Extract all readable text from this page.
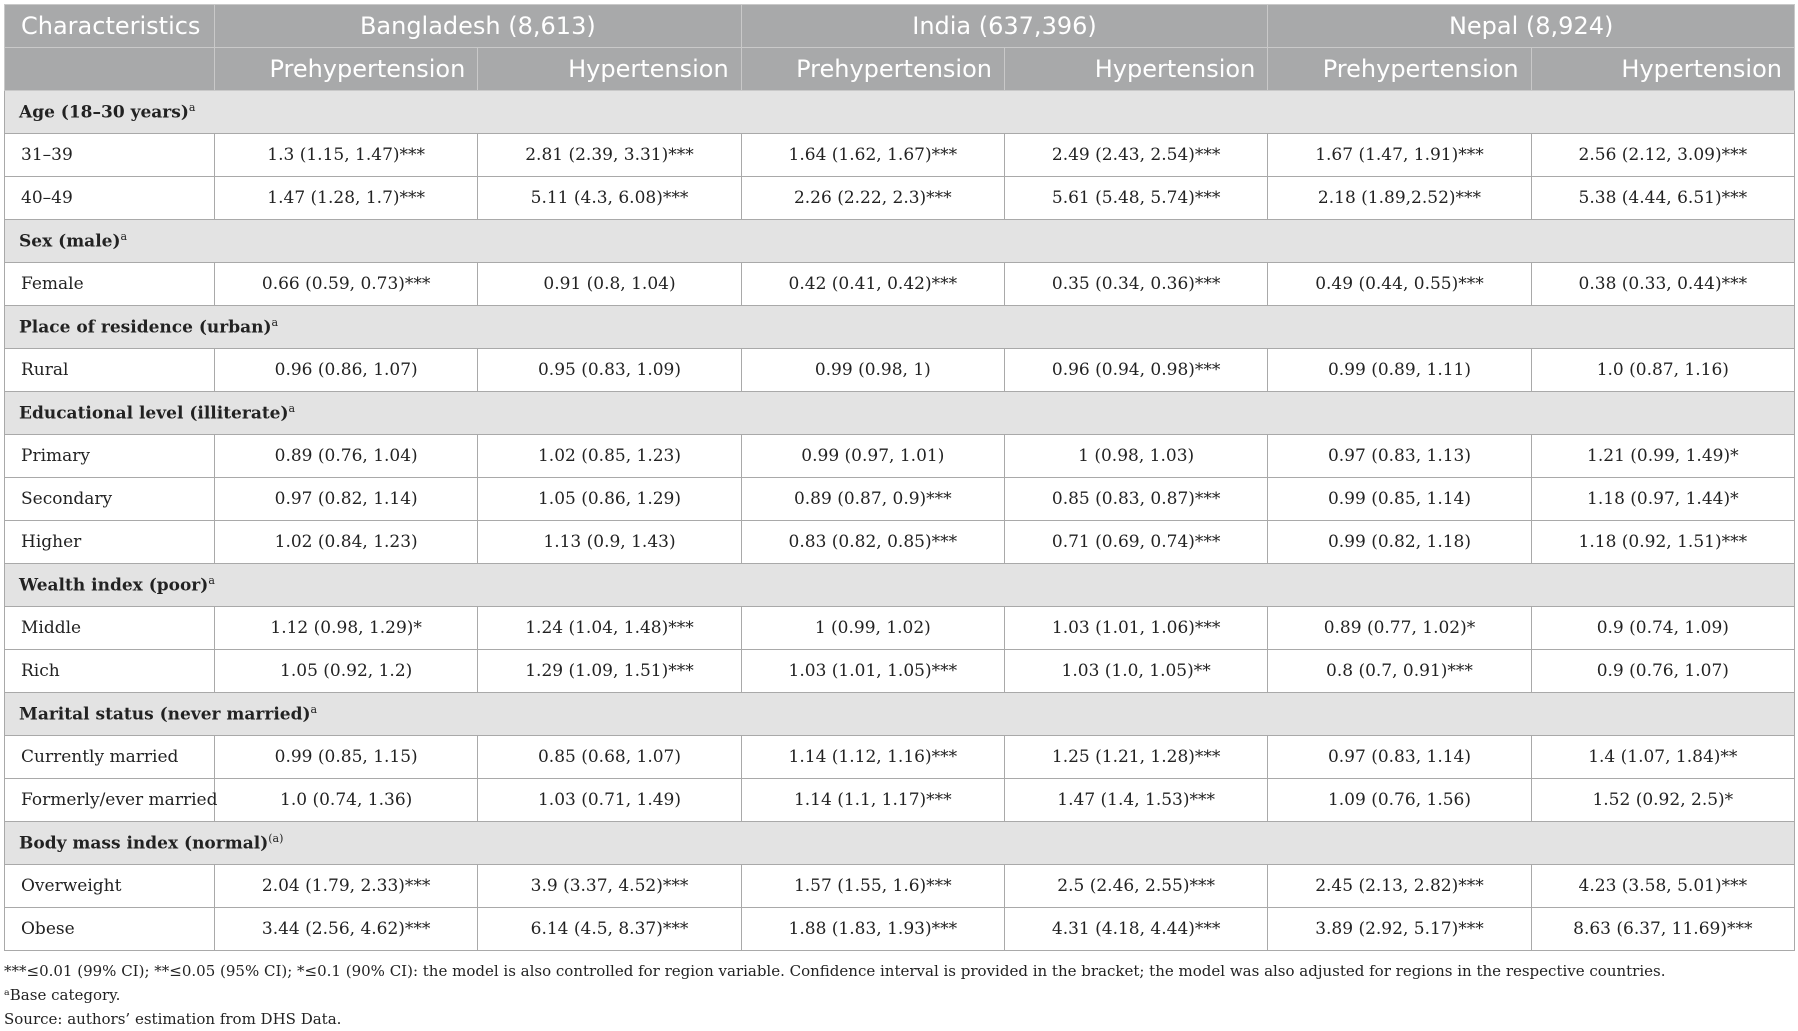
Characteristics	Bangladesh (8,613)		India (637,396)		Nepal (8,924)	
	Prehypertension	Hypertension	Prehypertension	Hypertension	Prehypertension	Hypertension
Age (18–30 years)$^a$
31–39	1.3 (1.15, 1.47)***	2.81 (2.39, 3.31)***	1.64 (1.62, 1.67)***	2.49 (2.43, 2.54)***	1.67 (1.47, 1.91)***	2.56 (2.12, 3.09)***
40–49	1.47 (1.28, 1.7)***	5.11 (4.3, 6.08)***	2.26 (2.22, 2.3)***	5.61 (5.48, 5.74)***	2.18 (1.89,2.52)***	5.38 (4.44, 6.51)***
Sex (male)$^a$
Female	0.66 (0.59, 0.73)***	0.91 (0.8, 1.04)	0.42 (0.41, 0.42)***	0.35 (0.34, 0.36)***	0.49 (0.44, 0.55)***	0.38 (0.33, 0.44)***
Place of residence (urban)$^a$
Rural	0.96 (0.86, 1.07)	0.95 (0.83, 1.09)	0.99 (0.98, 1)	0.96 (0.94, 0.98)***	0.99 (0.89, 1.11)	1.0 (0.87, 1.16)
Educational level (illiterate)$^a$
Primary	0.89 (0.76, 1.04)	1.02 (0.85, 1.23)	0.99 (0.97, 1.01)	1 (0.98, 1.03)	0.97 (0.83, 1.13)	1.21 (0.99, 1.49)*
Secondary	0.97 (0.82, 1.14)	1.05 (0.86, 1.29)	0.89 (0.87, 0.9)***	0.85 (0.83, 0.87)***	0.99 (0.85, 1.14)	1.18 (0.97, 1.44)*
Higher	1.02 (0.84, 1.23)	1.13 (0.9, 1.43)	0.83 (0.82, 0.85)***	0.71 (0.69, 0.74)***	0.99 (0.82, 1.18)	1.18 (0.92, 1.51)***
Wealth index (poor)$^a$
Middle	1.12 (0.98, 1.29)*	1.24 (1.04, 1.48)***	1 (0.99, 1.02)	1.03 (1.01, 1.06)***	0.89 (0.77, 1.02)*	0.9 (0.74, 1.09)
Rich	1.05 (0.92, 1.2)	1.29 (1.09, 1.51)***	1.03 (1.01, 1.05)***	1.03 (1.0, 1.05)**	0.8 (0.7, 0.91)***	0.9 (0.76, 1.07)
Marital status (never married)$^a$
Currently married	0.99 (0.85, 1.15)	0.85 (0.68, 1.07)	1.14 (1.12, 1.16)***	1.25 (1.21, 1.28)***	0.97 (0.83, 1.14)	1.4 (1.07, 1.84)**
Formerly/ever married	1.0 (0.74, 1.36)	1.03 (0.71, 1.49)	1.14 (1.1, 1.17)***	1.47 (1.4, 1.53)***	1.09 (0.76, 1.56)	1.52 (0.92, 2.5)*
Body mass index (normal)$^{(a)}$
Overweight	2.04 (1.79, 2.33)***	3.9 (3.37, 4.52)***	1.57 (1.55, 1.6)***	2.5 (2.46, 2.55)***	2.45 (2.13, 2.82)***	4.23 (3.58, 5.01)***
Obese	3.44 (2.56, 4.62)***	6.14 (4.5, 8.37)***	1.88 (1.83, 1.93)***	4.31 (4.18, 4.44)***	3.89 (2.92, 5.17)***	8.63 (6.37, 11.69)***
***≤0.01 (99% CI); **≤0.05 (95% CI); *≤0.1 (90% CI): the model is also controlled for region variable. Confidence interval is provided in the bracket; the model was also adjusted for regions in the respective countries.
ᵃBase category.
Source: authors’ estimation from DHS Data.
